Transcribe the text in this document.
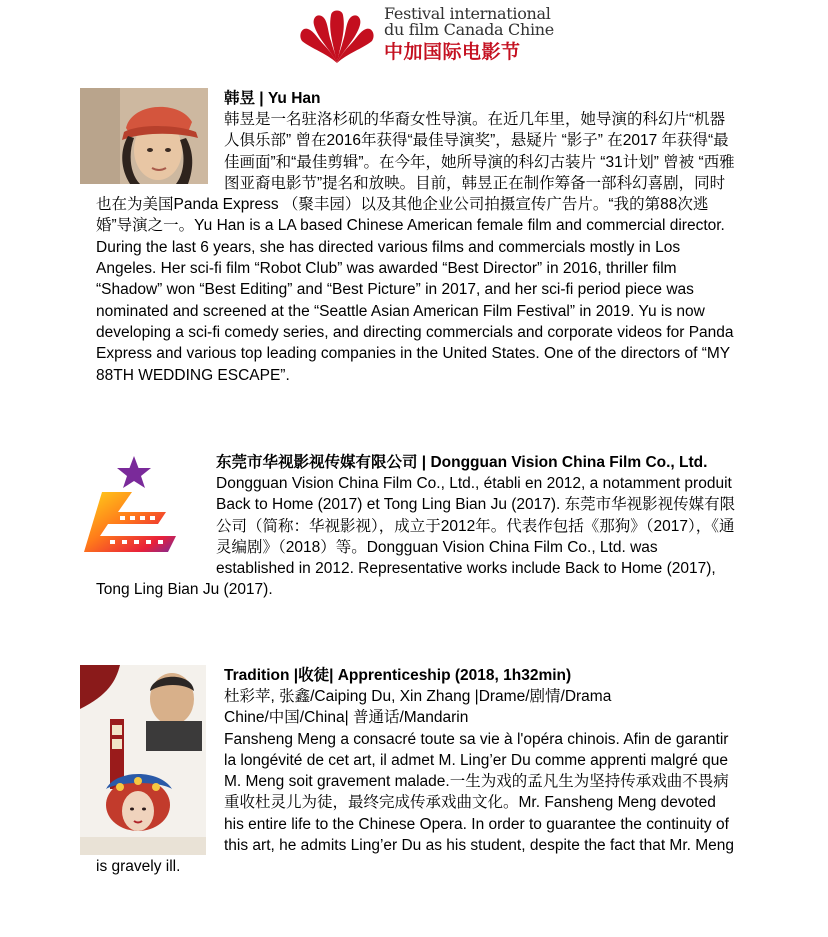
Festival international
du film Canada Chine
中加国际电影节

韩昱 | Yu Han

韩昱是一名驻洛杉矶的华裔女性导演。在近几年里，她导演的科幻片“机器人俱乐部” 曾在2016年获得“最佳导演奖”，悬疑片 “影子” 在2017 年获得“最佳画面”和“最佳剪辑”。在今年，她所导演的科幻古装片 “31计划” 曾被 “西雅图亚裔电影节”提名和放映。目前，韩昱正在制作筹备一部科幻喜剧，同时也在为美国Panda Express （聚丰园）以及其他企业公司拍摄宣传广告片。“我的第88次逃婚”导演之一。Yu Han is a LA based Chinese American female film and commercial director. During the last 6 years, she has directed various films and commercials mostly in Los Angeles. Her sci-fi film “Robot Club” was awarded “Best Director” in 2016, thriller film “Shadow” won “Best Editing” and “Best Picture” in 2017, and her sci-fi period piece was nominated and screened at the “Seattle Asian American Film Festival” in 2019. Yu is now developing a sci-fi comedy series, and directing commercials and corporate videos for Panda Express and various top leading companies in the United States. One of the directors of “MY 88TH WEDDING ESCAPE”.

东莞市华视影视传媒有限公司 | Dongguan Vision China Film Co., Ltd.

Dongguan Vision China Film Co., Ltd., établi en 2012, a notamment produit Back to Home (2017) et Tong Ling Bian Ju (2017). 东莞市华视影视传媒有限公司（简称：华视影视），成立于2012年。代表作包括《那狗》（2017），《通灵编剧》（2018）等。Dongguan Vision China Film Co., Ltd. was established in 2012. Representative works include Back to Home (2017), Tong Ling Bian Ju (2017).

Tradition |收徒| Apprenticeship (2018, 1h32min)

杜彩苹, 张鑫/Caiping Du, Xin Zhang |Drame/剧情/Drama

Chine/中国/China| 普通话/Mandarin

Fansheng Meng a consacré toute sa vie à l'opéra chinois. Afin de garantir la longévité de cet art, il admet M. Ling’er Du comme apprenti malgré que M. Meng soit gravement malade.一生为戏的孟凡生为坚持传承戏曲不畏病重收杜灵儿为徒，最终完成传承戏曲文化。Mr. Fansheng Meng devoted his entire life to the Chinese Opera. In order to guarantee the continuity of this art, he admits Ling’er Du as his student, despite the fact that Mr. Meng is gravely ill.
